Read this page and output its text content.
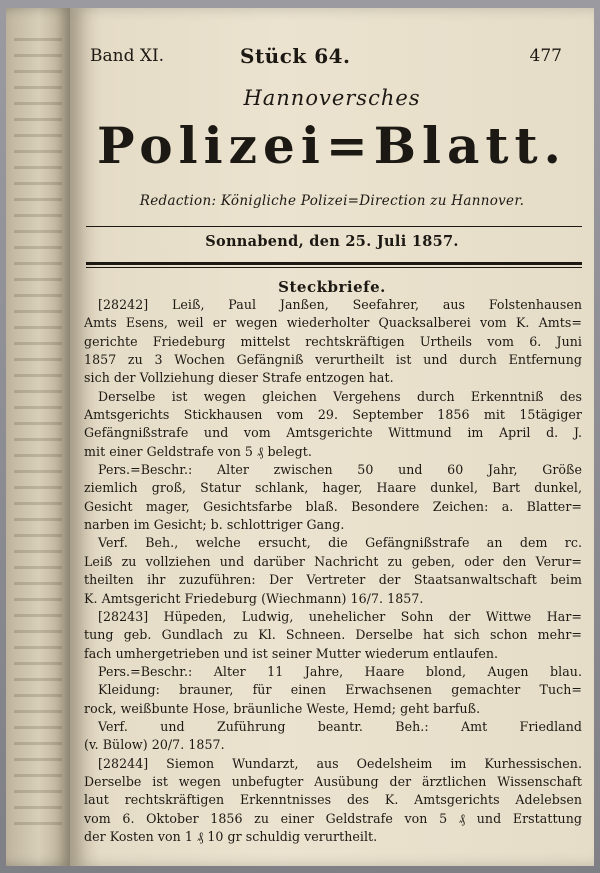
Band XI.	Stück 64.	477
Hannoversches
Polizei=Blatt.
Redaction: Königliche Polizei=Direction zu Hannover.
Sonnabend, den 25. Juli 1857.
Steckbriefe.
[28242] Leiß, Paul Janßen, Seefahrer, aus Folstenhausen
Amts Esens, weil er wegen wiederholter Quacksalberei vom K. Amts=
gerichte Friedeburg mittelst rechtskräftigen Urtheils vom 6. Juni
1857 zu 3 Wochen Gefängniß verurtheilt ist und durch Entfernung
sich der Vollziehung dieser Strafe entzogen hat.
Derselbe ist wegen gleichen Vergehens durch Erkenntniß des
Amtsgerichts Stickhausen vom 29. September 1856 mit 15tägiger
Gefängnißstrafe und vom Amtsgerichte Wittmund im April d. J.
mit einer Geldstrafe von 5 ₰ belegt.
Pers.=Beschr.: Alter zwischen 50 und 60 Jahr, Größe
ziemlich groß, Statur schlank, hager, Haare dunkel, Bart dunkel,
Gesicht mager, Gesichtsfarbe blaß. Besondere Zeichen: a. Blatter=
narben im Gesicht; b. schlottriger Gang.
Verf. Beh., welche ersucht, die Gefängnißstrafe an dem rc.
Leiß zu vollziehen und darüber Nachricht zu geben, oder den Verur=
theilten ihr zuzuführen: Der Vertreter der Staatsanwaltschaft beim
K. Amtsgericht Friedeburg (Wiechmann) 16/7. 1857.
[28243] Hüpeden, Ludwig, unehelicher Sohn der Wittwe Har=
tung geb. Gundlach zu Kl. Schneen. Derselbe hat sich schon mehr=
fach umhergetrieben und ist seiner Mutter wiederum entlaufen.
Pers.=Beschr.: Alter 11 Jahre, Haare blond, Augen blau.
Kleidung: brauner, für einen Erwachsenen gemachter Tuch=
rock, weißbunte Hose, bräunliche Weste, Hemd; geht barfuß.
Verf. und Zuführung beantr. Beh.: Amt Friedland
(v. Bülow) 20/7. 1857.
[28244] Siemon Wundarzt, aus Oedelsheim im Kurhessischen.
Derselbe ist wegen unbefugter Ausübung der ärztlichen Wissenschaft
laut rechtskräftigen Erkenntnisses des K. Amtsgerichts Adelebsen
vom 6. Oktober 1856 zu einer Geldstrafe von 5 ₰ und Erstattung
der Kosten von 1 ₰ 10 gr schuldig verurtheilt.
